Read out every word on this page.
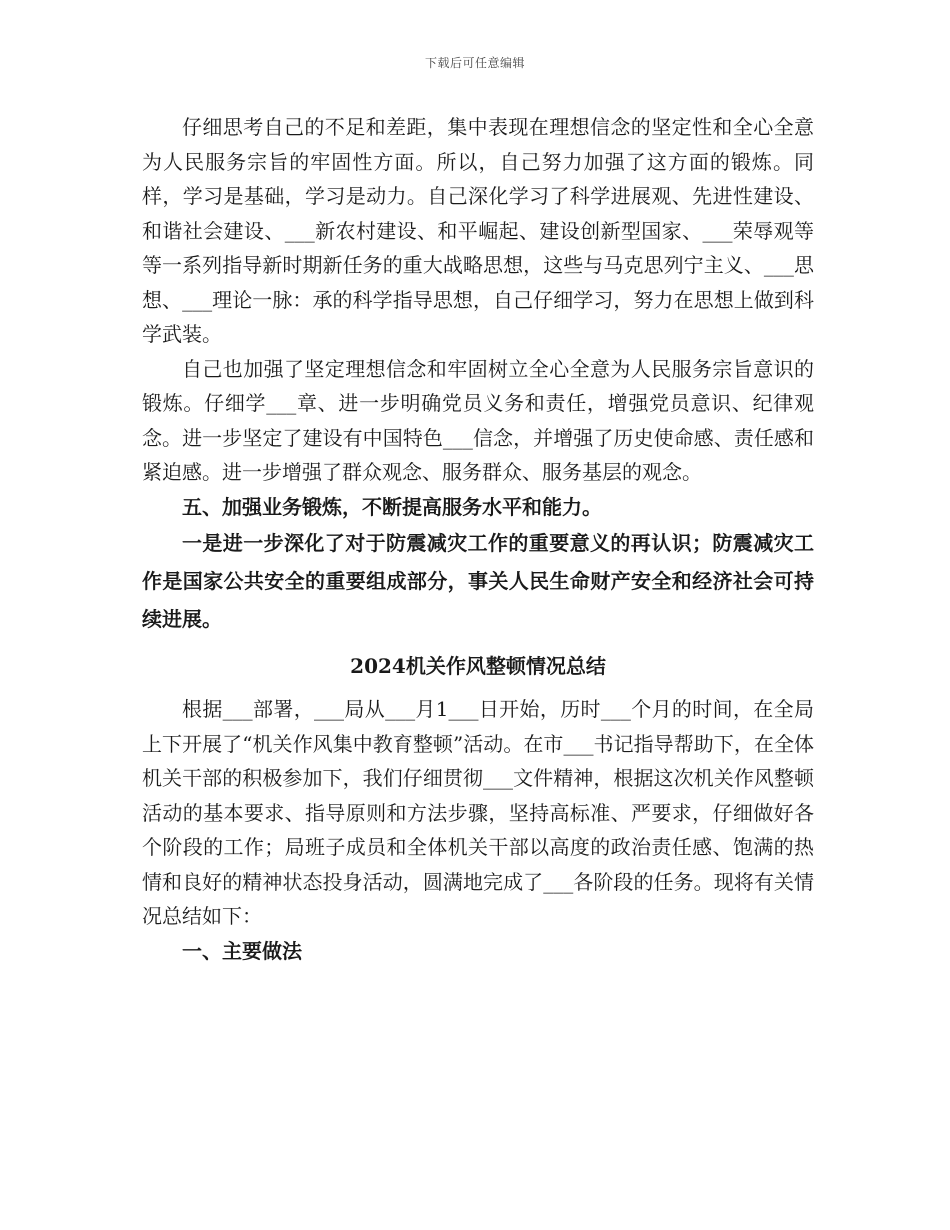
下载后可任意编辑

仔细思考自己的不足和差距，集中表现在理想信念的坚定性和全心全意为人民服务宗旨的牢固性方面。所以，自己努力加强了这方面的锻炼。同样，学习是基础，学习是动力。自己深化学习了科学进展观、先进性建设、和谐社会建设、___新农村建设、和平崛起、建设创新型国家、___荣辱观等等一系列指导新时期新任务的重大战略思想，这些与马克思列宁主义、___思想、___理论一脉：承的科学指导思想，自己仔细学习，努力在思想上做到科学武装。

自己也加强了坚定理想信念和牢固树立全心全意为人民服务宗旨意识的锻炼。仔细学___章、进一步明确党员义务和责任，增强党员意识、纪律观念。进一步坚定了建设有中国特色___信念，并增强了历史使命感、责任感和紧迫感。进一步增强了群众观念、服务群众、服务基层的观念。

五、加强业务锻炼，不断提高服务水平和能力。

一是进一步深化了对于防震减灾工作的重要意义的再认识；防震减灾工作是国家公共安全的重要组成部分，事关人民生命财产安全和经济社会可持续进展。

2024机关作风整顿情况总结

根据___部署，___局从___月1___日开始，历时___个月的时间，在全局上下开展了“机关作风集中教育整顿”活动。在市___书记指导帮助下，在全体机关干部的积极参加下，我们仔细贯彻___文件精神，根据这次机关作风整顿活动的基本要求、指导原则和方法步骤，坚持高标准、严要求，仔细做好各个阶段的工作；局班子成员和全体机关干部以高度的政治责任感、饱满的热情和良好的精神状态投身活动，圆满地完成了___各阶段的任务。现将有关情况总结如下：

一、主要做法
